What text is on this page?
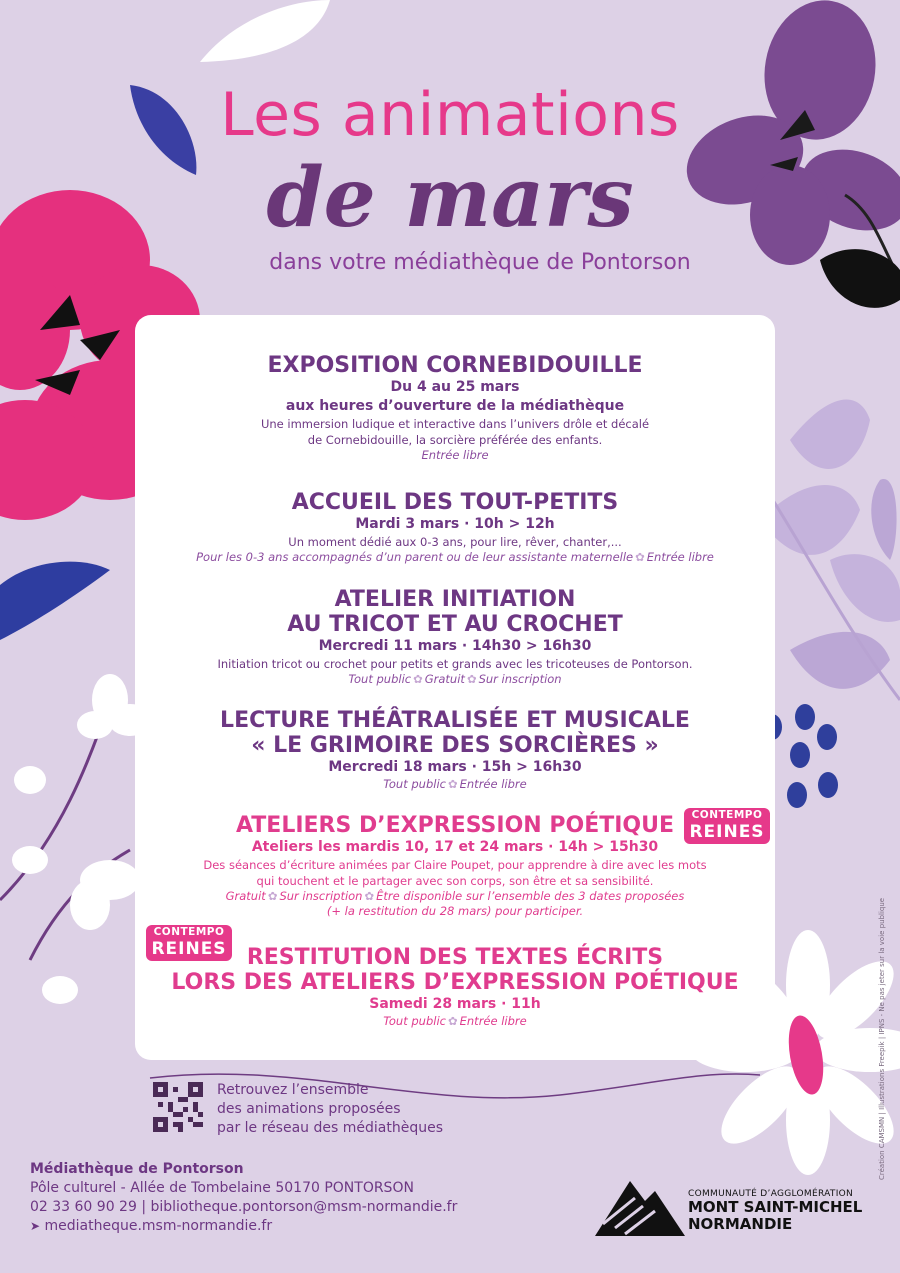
Les animations
de mars
dans votre médiathèque de Pontorson
EXPOSITION CORNEBIDOUILLE
Du 4 au 25 mars
aux heures d’ouverture de la médiathèque
Une immersion ludique et interactive dans l’univers drôle et décalé
de Cornebidouille, la sorcière préférée des enfants.
Entrée libre
ACCUEIL DES TOUT-PETITS
Mardi 3 mars · 10h > 12h
Un moment dédié aux 0-3 ans, pour lire, rêver, chanter,...
Pour les 0-3 ans accompagnés d’un parent ou de leur assistante maternelle ✿ Entrée libre
ATELIER INITIATION
AU TRICOT ET AU CROCHET
Mercredi 11 mars · 14h30 > 16h30
Initiation tricot ou crochet pour petits et grands avec les tricoteuses de Pontorson.
Tout public ✿ Gratuit ✿ Sur inscription
LECTURE THÉÂTRALISÉE ET MUSICALE
« LE GRIMOIRE DES SORCIÈRES »
Mercredi 18 mars · 15h > 16h30
Tout public ✿ Entrée libre
ATELIERS D’EXPRESSION POÉTIQUE
Ateliers les mardis 10, 17 et 24 mars · 14h > 15h30
Des séances d’écriture animées par Claire Poupet, pour apprendre à dire avec les mots
qui touchent et le partager avec son corps, son être et sa sensibilité.
Gratuit ✿ Sur inscription ✿ Être disponible sur l’ensemble des 3 dates proposées
(+ la restitution du 28 mars) pour participer.
RESTITUTION DES TEXTES ÉCRITS
LORS DES ATELIERS D’EXPRESSION POÉTIQUE
Samedi 28 mars · 11h
Tout public ✿ Entrée libre
CONTEMPO
REINES
CONTEMPO
REINES
Retrouvez l’ensemble
des animations proposées
par le réseau des médiathèques
Médiathèque de Pontorson
Pôle culturel - Allée de Tombelaine 50170 PONTORSON
02 33 60 90 29 | bibliotheque.pontorson@msm-normandie.fr
➤ mediatheque.msm-normandie.fr
Création CAMSMN | Illustrations Freepik | IPNS - Ne pas jeter sur la voie publique
COMMUNAUTÉ D’AGGLOMÉRATION
MONT SAINT-MICHEL
NORMANDIE
